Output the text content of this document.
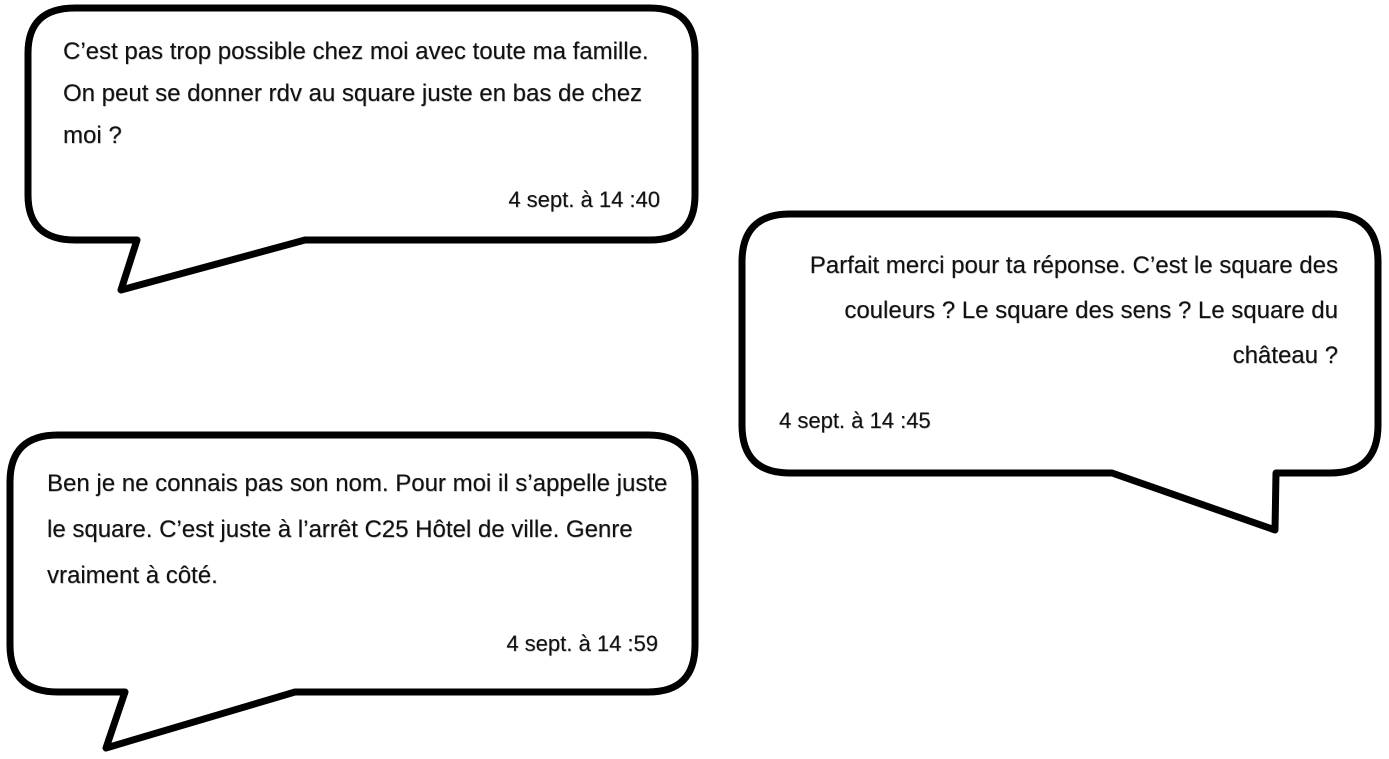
C’est pas trop possible chez moi avec toute ma famille. On peut se donner rdv au square juste en bas de chez moi ?
4 sept. à 14 :40
Parfait merci pour ta réponse. C’est le square des couleurs ? Le square des sens ? Le square du château ?
4 sept. à 14 :45
Ben je ne connais pas son nom. Pour moi il s’appelle juste le square. C’est juste à l’arrêt C25 Hôtel de ville. Genre vraiment à côté.
4 sept. à 14 :59
